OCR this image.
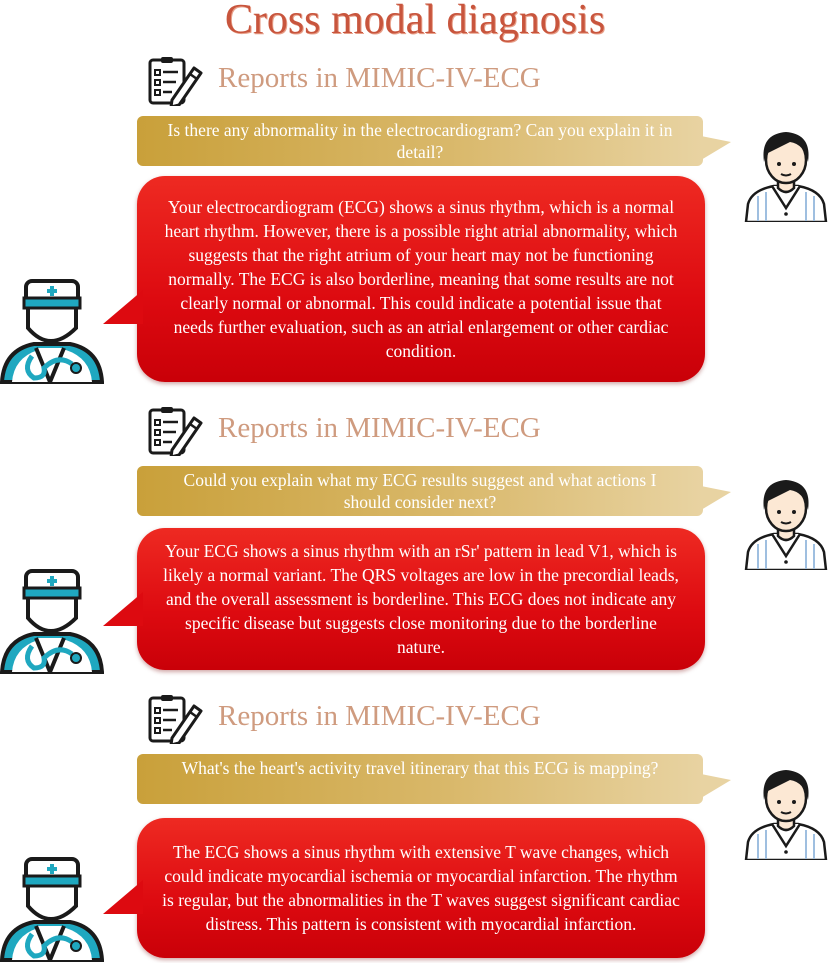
Cross modal diagnosis
Reports in MIMIC-IV-ECG
Is there any abnormality in the electrocardiogram? Can you explain it in detail?
Your electrocardiogram (ECG) shows a sinus rhythm, which is a normal heart rhythm. However, there is a possible right atrial abnormality, which suggests that the right atrium of your heart may not be functioning normally. The ECG is also borderline, meaning that some results are not clearly normal or abnormal. This could indicate a potential issue that needs further evaluation, such as an atrial enlargement or other cardiac condition.
Reports in MIMIC-IV-ECG
Could you explain what my ECG results suggest and what actions I should consider next?
Your ECG shows a sinus rhythm with an rSr' pattern in lead V1, which is likely a normal variant. The QRS voltages are low in the precordial leads, and the overall assessment is borderline. This ECG does not indicate any specific disease but suggests close monitoring due to the borderline nature.
Reports in MIMIC-IV-ECG
What's the heart's activity travel itinerary that this ECG is mapping?
The ECG shows a sinus rhythm with extensive T wave changes, which could indicate myocardial ischemia or myocardial infarction. The rhythm is regular, but the abnormalities in the T waves suggest significant cardiac distress. This pattern is consistent with myocardial infarction.
